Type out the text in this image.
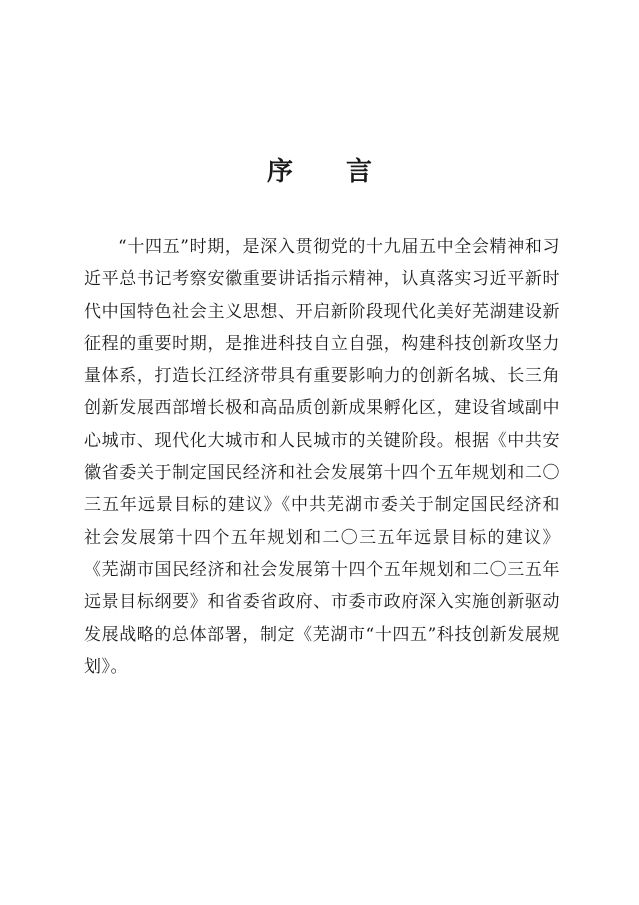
序 言
“十四五”时期，是深入贯彻党的十九届五中全会精神和习
近平总书记考察安徽重要讲话指示精神，认真落实习近平新时
代中国特色社会主义思想、开启新阶段现代化美好芜湖建设新
征程的重要时期，是推进科技自立自强，构建科技创新攻坚力
量体系，打造长江经济带具有重要影响力的创新名城、长三角
创新发展西部增长极和高品质创新成果孵化区，建设省域副中
心城市、现代化大城市和人民城市的关键阶段。根据《中共安
徽省委关于制定国民经济和社会发展第十四个五年规划和二〇
三五年远景目标的建议》《中共芜湖市委关于制定国民经济和
社会发展第十四个五年规划和二〇三五年远景目标的建议》
《芜湖市国民经济和社会发展第十四个五年规划和二〇三五年
远景目标纲要》和省委省政府、市委市政府深入实施创新驱动
发展战略的总体部署，制定《芜湖市“十四五”科技创新发展规
划》。
